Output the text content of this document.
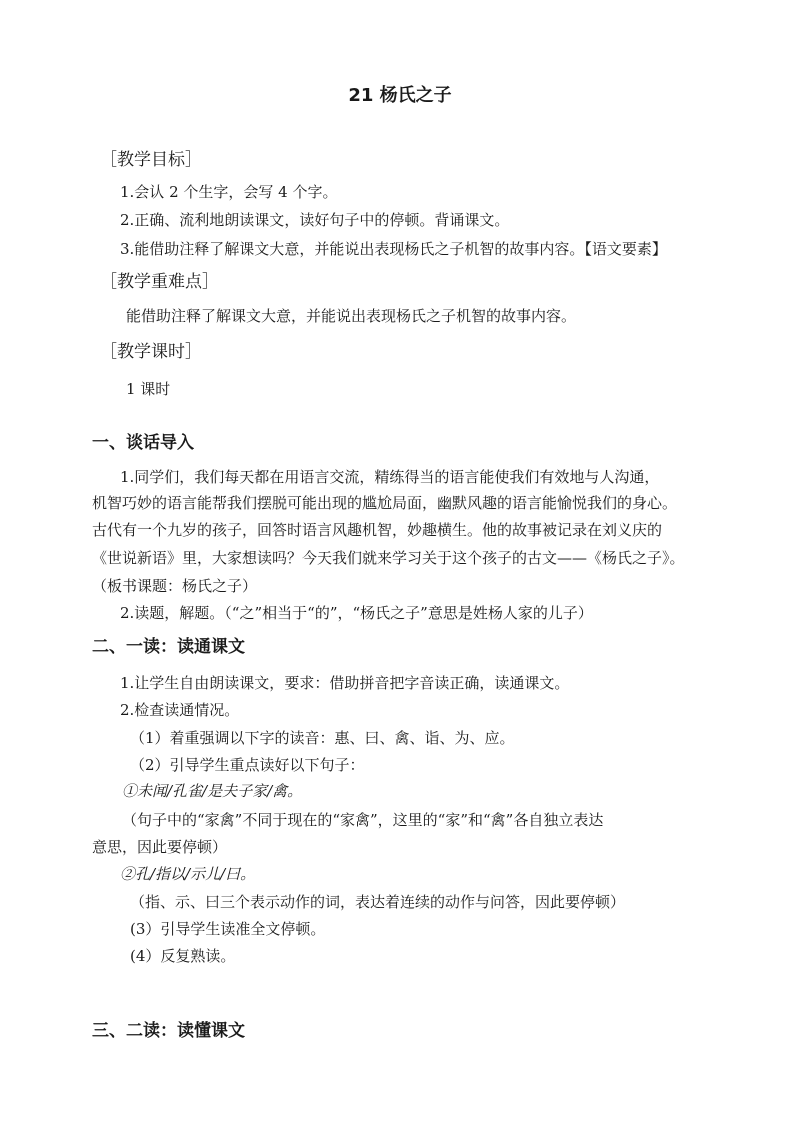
21 杨氏之子
［教学目标］
1.会认 2 个生字，会写 4 个字。
2.正确、流利地朗读课文，读好句子中的停顿。背诵课文。
3.能借助注释了解课文大意，并能说出表现杨氏之子机智的故事内容。【语文要素】
［教学重难点］
能借助注释了解课文大意，并能说出表现杨氏之子机智的故事内容。
［教学课时］
1 课时
一、谈话导入
1.同学们，我们每天都在用语言交流，精练得当的语言能使我们有效地与人沟通，
机智巧妙的语言能帮我们摆脱可能出现的尴尬局面，幽默风趣的语言能愉悦我们的身心。
古代有一个九岁的孩子，回答时语言风趣机智，妙趣横生。他的故事被记录在刘义庆的
《世说新语》里，大家想读吗？今天我们就来学习关于这个孩子的古文——《杨氏之子》。
（板书课题：杨氏之子）
2.读题，解题。（“之”相当于“的”，“杨氏之子”意思是姓杨人家的儿子）
二、一读：读通课文
1.让学生自由朗读课文，要求：借助拼音把字音读正确，读通课文。
2.检查读通情况。
（1）着重强调以下字的读音：惠、曰、禽、诣、为、应。
（2）引导学生重点读好以下句子：
①未闻/孔雀/是夫子家/禽。
（句子中的“家禽”不同于现在的“家禽”，这里的“家”和“禽”各自独立表达
意思，因此要停顿）
②孔/指以/示儿/曰。
（指、示、曰三个表示动作的词，表达着连续的动作与问答，因此要停顿）
(3）引导学生读准全文停顿。
(4）反复熟读。
三、二读：读懂课文
